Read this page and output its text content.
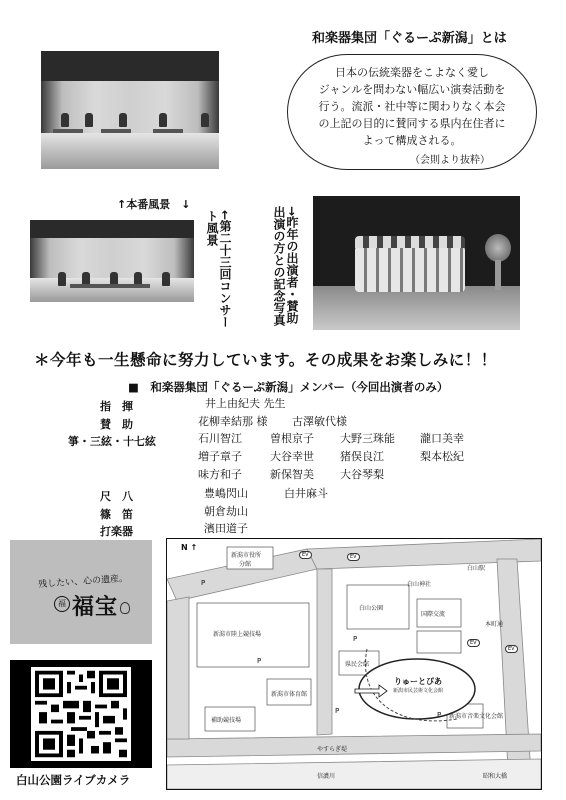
和楽器集団「ぐるーぷ新潟」とは
日本の伝統楽器をこよなく愛し
ジャンルを問わない幅広い演奏活動を
行う。流派・社中等に関わりなく本会
の上記の目的に賛同する県内在住者に
よって構成される。
（会則より抜粋）
↑本番風景　↓
←第二十三回コンサート風景	→昨年の出演者・賛助出演の方との記念写真
＊今年も一生懸命に努力しています。その成果をお楽しみに！！
■　和楽器集団「ぐるーぷ新潟」メンバー（今回出演者のみ）
指　揮	井上由紀夫 先生
賛　助	花柳幸結那 様 古澤敏代様
箏・三絃・十七絃	石川智江	曽根京子 大野三珠能 瀧口美幸
増子章子	大谷幸世 猪俣良江	梨本松紀
味方和子	新保智美 大谷琴梨
尺　八	豊嶋閃山	白井麻斗
篠　笛	朝倉劫山
打楽器	濱田道子
残したい、心の遺産。
福 福宝
白山公園ライブカメラ
N ↑
新潟市役所
分館
EV	EV
白山駅
白山神社
白山公園
国際交流
本町通
EV
EV
新潟市陸上競技場
県民会館
新潟市体育館
補助競技場
りゅーとぴあ
新潟市民芸術文化会館
新潟市音楽文化会館
やすらぎ堤
信濃川	昭和大橋
P
P
P
P	P
